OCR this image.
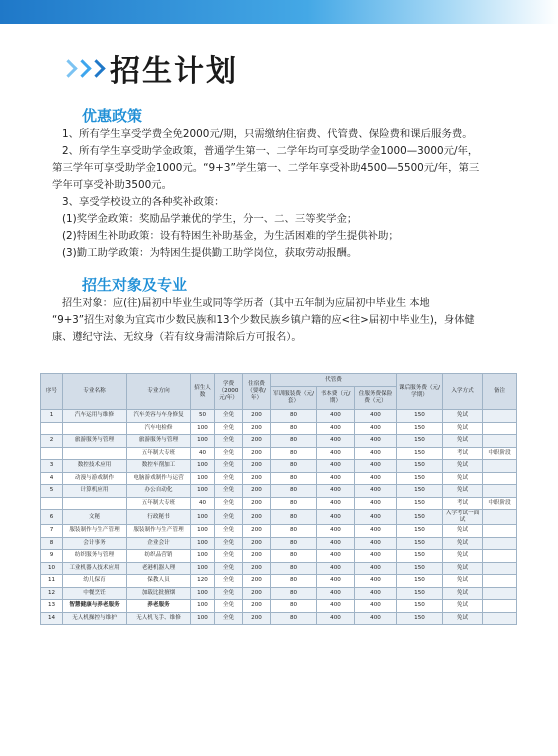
招生计划
优惠政策
1、所有学生享受学费全免2000元/期，只需缴纳住宿费、代管费、保险费和课后服务费。
2、所有学生享受助学金政策，普通学生第一、二学年均可享受助学金1000—3000元/年，
第三学年可享受助学金1000元。“9+3”学生第一、二学年享受补助4500—5500元/年，第三
学年可享受补助3500元。
3、享受学校设立的各种奖补政策：
(1)奖学金政策：奖励品学兼优的学生，分一、二、三等奖学金；
(2)特困生补助政策：设有特困生补助基金，为生活困难的学生提供补助；
(3)勤工助学政策：为特困生提供勤工助学岗位，获取劳动报酬。
招生对象及专业
招生对象：应(往)届初中毕业生或同等学历者（其中五年制为应届初中毕业生 本地
“9+3”招生对象为宜宾市少数民族和13个少数民族乡镇户籍的应<往>届初中毕业生)，身体健
康、遵纪守法、无纹身（若有纹身需清除后方可报名）。
序号	专业名称	专业方向	招生人数	学费（2000元/年）	住宿费（要收/年）	代管费			课后服务费（元/学期）	入学方式	备注
						军训服装费（元/套）	书本费（元/期）	住服务费保险费（元）			
1	汽车运用与维修	汽车美容与车身修复	50	全免	200	80	400	400	150	免试	
		汽车电检修	100	全免	200	80	400	400	150	免试	
2	旅游服务与管理	旅游服务与管理	100	全免	200	80	400	400	150	免试	
		五年制大专班	40	全免	200	80	400	400	150	考试	中职阶段
3	数控技术应用	数控车削加工	100	全免	200	80	400	400	150	免试	
4	动漫与游戏制作	电脑游戏制作与运营	100	全免	200	80	400	400	150	免试	
5	计算机应用	办公自动化	100	全免	200	80	400	400	150	免试	
		五年制大专班	40	全免	200	80	400	400	150	考试	中职阶段
6	文秘	行政秘书	100	全免	200	80	400	400	150	入学考试一面试	
7	服装制作与生产管理	服装制作与生产管理	100	全免	200	80	400	400	150	免试	
8	会计事务	企业会计	100	全免	200	80	400	400	150	免试	
9	纺织服务与管理	纺织品营销	100	全免	200	80	400	400	150	免试	
10	工业机器人技术应用	老港机器人理	100	全免	200	80	400	400	150	免试	
11	幼儿保育	保教人员	120	全免	200	80	400	400	150	免试	
12	中餐烹饪	加载比批擅烟	100	全免	200	80	400	400	150	免试	
13	智慧健康与养老服务	养老服务	100	全免	200	80	400	400	150	免试	
14	无人机操控与维护	无人机飞手、维修	100	全免	200	80	400	400	150	免试	
